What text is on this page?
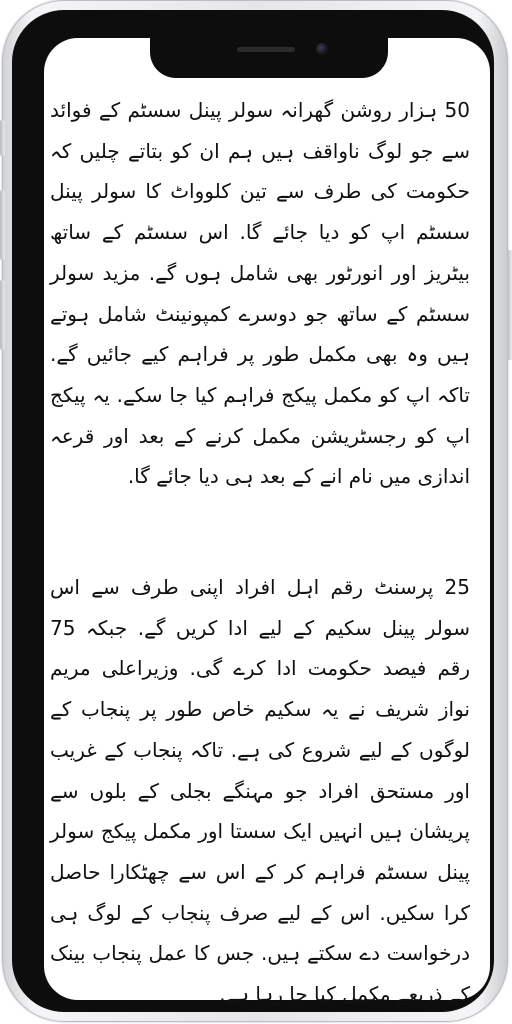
50 ہزار روشن گھرانہ سولر پینل سسٹم کے فوائد سے جو لوگ ناواقف ہیں ہم ان کو بتاتے چلیں کہ حکومت کی طرف سے تین کلوواٹ کا سولر پینل سسٹم اپ کو دیا جائے گا. اس سسٹم کے ساتھ بیٹریز اور انورٹور بھی شامل ہوں گے. مزید سولر سسٹم کے ساتھ جو دوسرے کمپونینٹ شامل ہوتے ہیں وہ بھی مکمل طور پر فراہم کیے جائیں گے. تاکہ اپ کو مکمل پیکج فراہم کیا جا سکے. یہ پیکج اپ کو رجسٹریشن مکمل کرنے کے بعد اور قرعہ اندازی میں نام انے کے بعد ہی دیا جائے گا.

25 پرسنٹ رقم اہل افراد اپنی طرف سے اس سولر پینل سکیم کے لیے ادا کریں گے. جبکہ 75 رقم فیصد حکومت ادا کرے گی. وزیراعلی مریم نواز شریف نے یہ سکیم خاص طور پر پنجاب کے لوگوں کے لیے شروع کی ہے. تاکہ پنجاب کے غریب اور مستحق افراد جو مہنگے بجلی کے بلوں سے پریشان ہیں انہیں ایک سستا اور مکمل پیکج سولر پینل سسٹم فراہم کر کے اس سے چھٹکارا حاصل کرا سکیں. اس کے لیے صرف پنجاب کے لوگ ہی درخواست دے سکتے ہیں. جس کا عمل پنجاب بینک کے ذریعے مکمل کیا جا رہا ہے.
